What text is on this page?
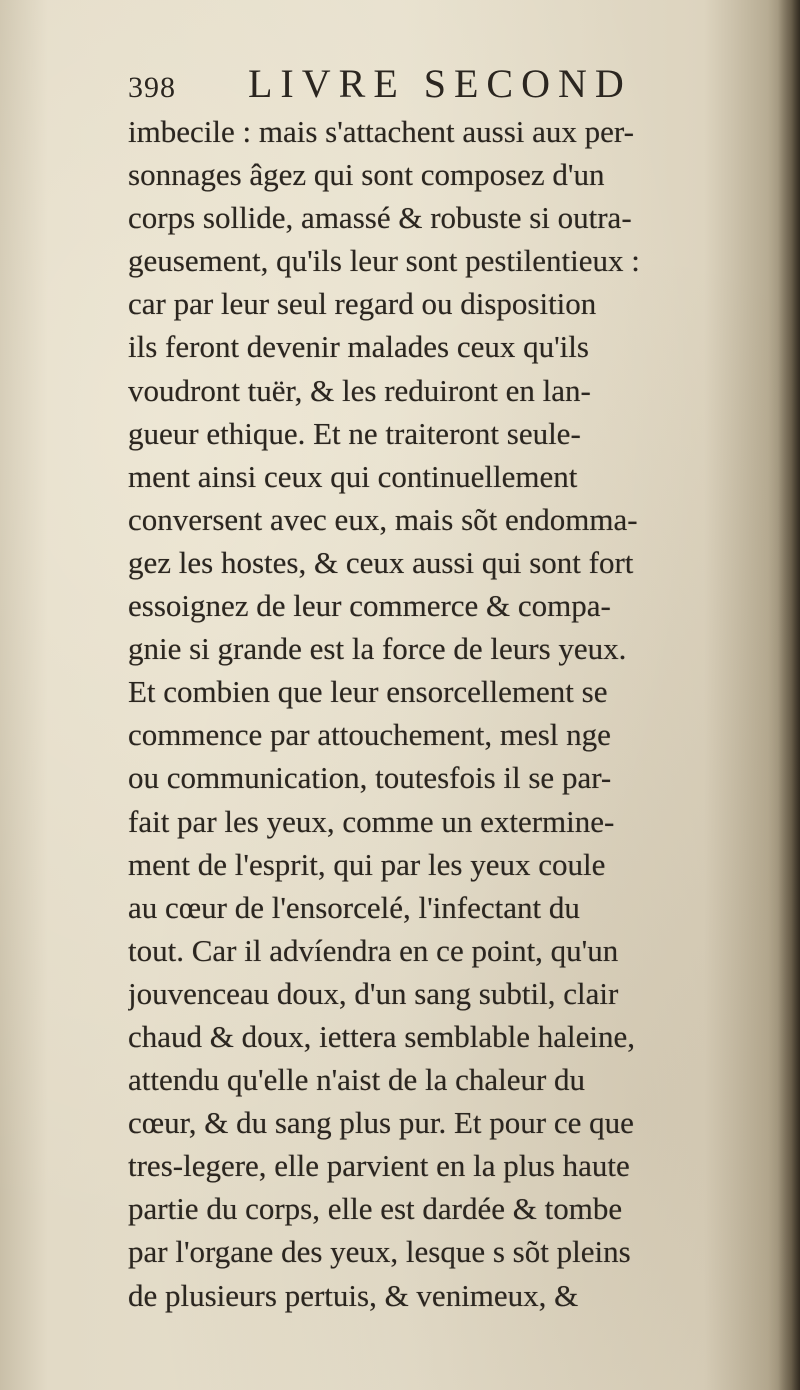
398	LIVRE SECOND
imbecile : mais s'attachent aussi aux per-
sonnages âgez qui sont composez d'un
corps sollide, amassé & robuste si outra-
geusement, qu'ils leur sont pestilentieux :
car par leur seul regard ou disposition
ils feront devenir malades ceux qu'ils
voudront tuër, & les reduiront en lan-
gueur ethique. Et ne traiteront seule-
ment ainsi ceux qui continuellement
conversent avec eux, mais sõt endomma-
gez les hostes, & ceux aussi qui sont fort
essoignez de leur commerce & compa-
gnie si grande est la force de leurs yeux.
Et combien que leur ensorcellement se
commence par attouchement, mesl nge
ou communication, toutesfois il se par-
fait par les yeux, comme un extermine-
ment de l'esprit, qui par les yeux coule
au cœur de l'ensorcelé, l'infectant du
tout. Car il advíendra en ce point, qu'un
jouvenceau doux, d'un sang subtil, clair
chaud & doux, iettera semblable haleine,
attendu qu'elle n'aist de la chaleur du
cœur, & du sang plus pur. Et pour ce que
tres-legere, elle parvient en la plus haute
partie du corps, elle est dardée & tombe
par l'organe des yeux, lesque s sõt pleins
de plusieurs pertuis, & venimeux, &
